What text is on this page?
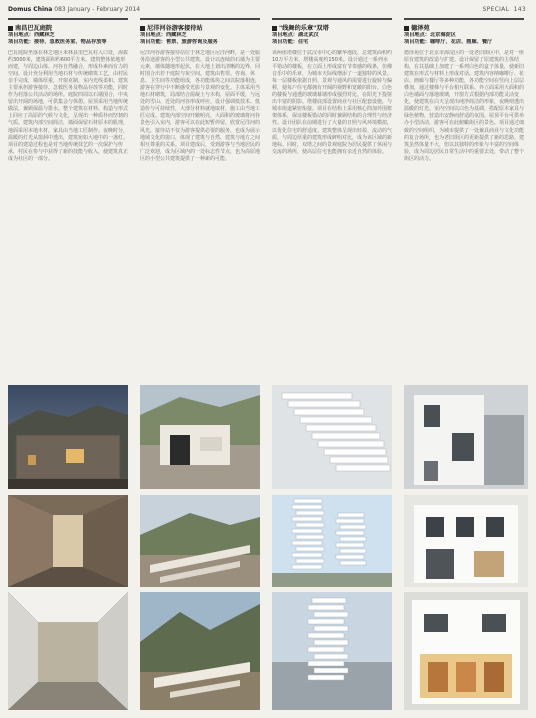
Domus China 083 January - February 2014	SPECIAL 143
南昌巴瓦庭院
项目地点：西藏林芝
项目功能：接待、急救医务室、物品存放等
巴瓦庭院坐落在林芝地区米林县里巴瓦村入口处，海拔约3000米，建筑面积约600平方米。建筑整体依地形而建，与周边山体、河谷自然融合，形成朴素而有力的空间。设计充分利用当地石材与传统砌筑工艺，由村民亲手完成，墙体厚重，开窗克制，室内光线柔和。建筑主要承担游客接待、急救医务及物品存放等功能，同时作为村落公共活动的场所。庭院四周以石墙围合，中央留出开阔的场地，可供集会与休憩。屋顶采用当地传统做法，兼顾保温与排水。整个建筑在材料、构造与形式上回应了高原的气候与文化，呈现出一种质朴而坚韧的气质。建筑内部空间简洁，墙面保留石材原本的肌理，地面采用本地木材，家具由当地工匠制作。夜晚时分，温暖的灯光从窗洞中透出，建筑宛如大地中的一盏灯。项目的建造过程也是对当地传统技艺的一次保护与传承，村民在参与中获得了新的技能与收入，使建筑真正成为社区的一部分。
尼洋河谷游客接待站
项目地点：西藏林芝
项目功能：售票、旅游咨询及服务
尼洋河谷游客接待站位于林芝地区尼洋河畔，是一处服务沿途游客的小型公共建筑。设计以连续的石墙为主要元素，墙体随地形起伏，在大地上划出清晰的边界，同时围合出若干庭院与灰空间。建筑由售票、咨询、休息、卫生间等功能组成，各功能体块之间以院落相连，游客在穿行中不断感受光影与景观的变化。主体采用当地石材砌筑，局部结合混凝土与木构，屋面平缓，与远处的雪山、近处的河谷形成呼应。设计强调低技术、低造价与可持续性，大部分材料就地取材，施工由当地工匠完成。建筑内部空间开敞明亮，大面积的玻璃将河谷景色引入室内，游客可以在此短暂停留，欣赏尼洋河的风光。接待站不仅为游客提供必要的服务，也成为展示地域文化的窗口，体现了建筑与自然、建筑与地方之间相互尊重的关系。项目建成后，受到游客与当地居民的广泛欢迎，成为区域内的一处标志性节点，也为高原地区的小型公共建筑提供了一种新的可能。
"线舞的乐章"双塔
项目地点：湖北武汉
项目功能：住宅
该两座塔楼位于武汉市中心的繁华地段，总建筑面积约10万平方米，塔楼高度约150米。设计通过一系列水平错动的楼板，在立面上形成富有节奏感的线条，仿佛音乐中的乐章，为城市天际线增添了一道独特的风景。每一层楼板依据日照、景观与通风的需要进行旋转与偏移，使每户住宅都拥有开阔的视野和宽敞的阳台。白色的楼板与通透的玻璃幕墙形成强烈对比，在阳光下投射出丰富的阴影。塔楼底部设置商业与社区配套设施，与城市街道紧密衔接。项目在结构上采用核心筒加外围框架体系，保证楼板错动的同时兼顾结构的合理性与经济性。设计团队在前期进行了大量的日照与风环境模拟，以优化住宅的舒适度。建筑整体呈现出轻盈、流动的气质，与周边厚重的建筑形成鲜明对比，成为该区域的新地标。同时，双塔之间的景观庭院为居民提供了休闲与交流的场所，使高层住宅也能拥有亲近自然的体验。
德泽苑
项目地点：北京海淀区
项目功能：咖啡厅、花店、画廊、餐厅
德泽苑位于北京市海淀区的一处老旧街区中，是对一座原有建筑的改造与扩建。设计保留了原建筑的主体结构，在其基础上加建了一系列白色的盒子体量，使新旧建筑在形式与材料上形成对话。建筑内容纳咖啡厅、花店、画廊与餐厅等多种功能，各功能空间在竖向上层层叠加，通过楼梯与平台相互联系。外立面采用大面积的白色墙面与落地玻璃，开窗方式根据内部功能灵活变化，使建筑在白天呈现出纯净简洁的形象，夜晚则透出温暖的灯光。室内空间以白色为基调，搭配原木家具与绿色植物，营造出安静而舒适的氛围。屋顶平台可供举办小型活动，游客可在此俯瞰街区的景色。项目通过细致的空间组织，为城市提供了一处兼具商业与文化功能的复合场所，也为老旧街区的更新提供了新的思路。建筑虽然体量不大，但以其独特的形象与丰富的空间体验，成为周边居民日常生活中的重要去处，带动了整个街区的活力。
